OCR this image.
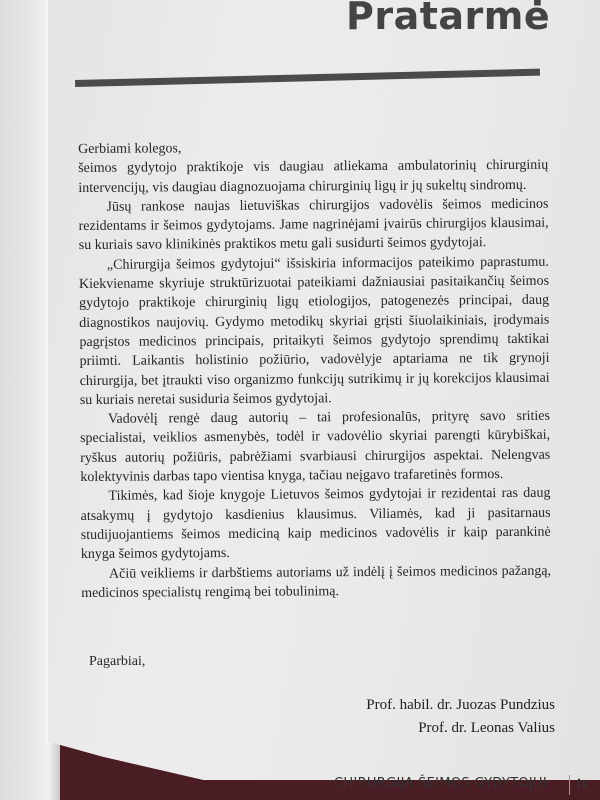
Pratarmė

Gerbiami kolegos,

šeimos gydytojo praktikoje vis daugiau atliekama ambulatorinių chirurginių intervencijų, vis daugiau diagnozuojama chirurginių ligų ir jų sukeltų sindromų.

Jūsų rankose naujas lietuviškas chirurgijos vadovėlis šeimos medicinos rezidentams ir šeimos gydytojams. Jame nagrinėjami įvairūs chirurgijos klausimai, su kuriais savo klinikinės praktikos metu gali susidurti šeimos gydytojai.

„Chirurgija šeimos gydytojui“ išsiskiria informacijos pateikimo paprastumu. Kiekviename skyriuje struktūrizuotai pateikiami dažniausiai pasitaikančių šeimos gydytojo praktikoje chirurginių ligų etiologijos, patogenezės principai, daug diagnostikos naujovių. Gydymo metodikų skyriai grįsti šiuolaikiniais, įrodymais pagrįstos medicinos principais, pritaikyti šeimos gydytojo sprendimų taktikai priimti. Laikantis holistinio požiūrio, vadovėlyje aptariama ne tik grynoji chirurgija, bet įtraukti viso organizmo funkcijų sutrikimų ir jų korekcijos klausimai su kuriais neretai susiduria šeimos gydytojai.

Vadovėlį rengė daug autorių – tai profesionalūs, prityrę savo srities specialistai, veiklios asmenybės, todėl ir vadovėlio skyriai parengti kūrybiškai, ryškus autorių požiūris, pabrėžiami svarbiausi chirurgijos aspektai. Nelengvas kolektyvinis darbas tapo vientisa knyga, tačiau neįgavo trafaretinės formos.

Tikimės, kad šioje knygoje Lietuvos šeimos gydytojai ir rezidentai ras daug atsakymų į gydytojo kasdienius klausimus. Viliamės, kad ji pasitarnaus studijuojantiems šeimos mediciną kaip medicinos vadovėlis ir kaip parankinė knyga šeimos gydytojams.

Ačiū veikliems ir darbštiems autoriams už indėlį į šeimos medicinos pažangą, medicinos specialistų rengimą bei tobulinimą.

Pagarbiai,
Prof. habil. dr. Juozas Pundzius
Prof. dr. Leonas Valius
CHIRURGIJA ŠEIMOS GYDYTOJUI ix
